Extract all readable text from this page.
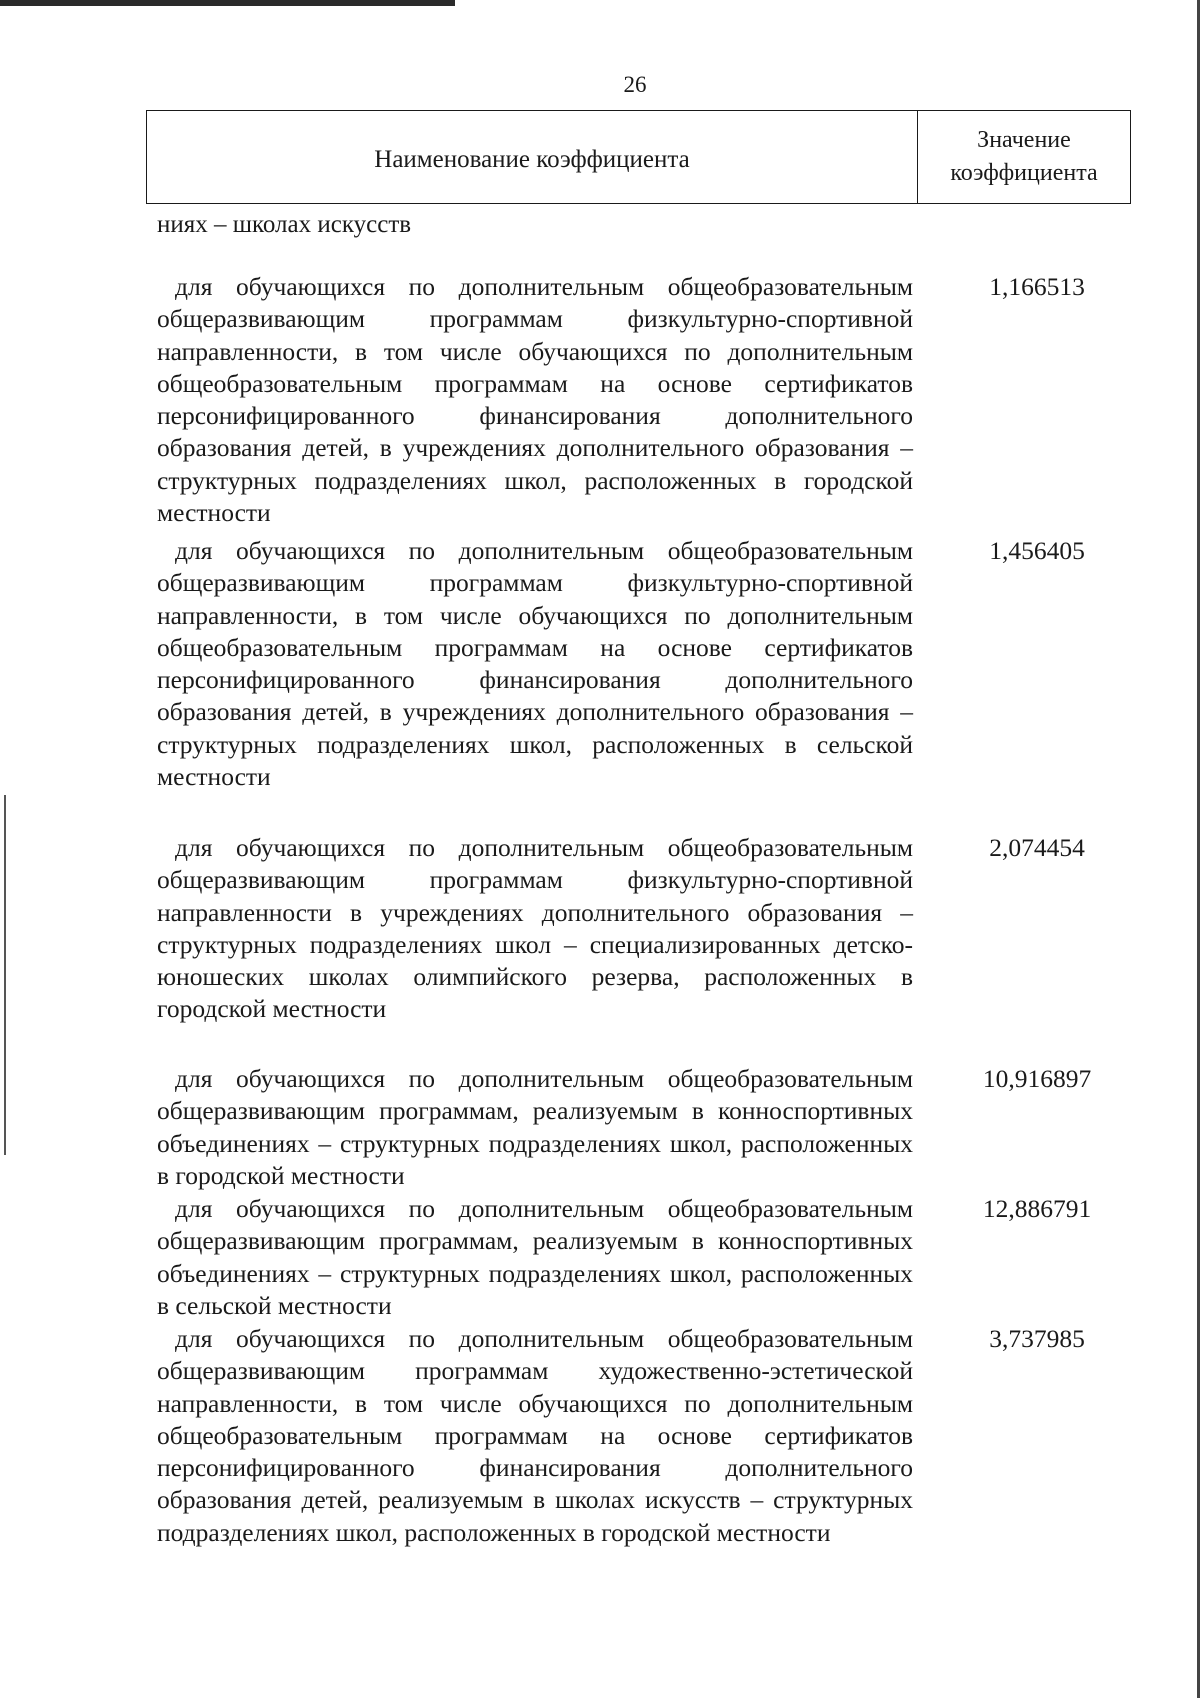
26
Наименование коэффициента
Значение
коэффициента
ниях – школах искусств
для обучающихся по дополнительным общеобразовательным общеразвивающим программам физкультурно-спортивной направленности, в том числе обучающихся по дополнительным общеобразовательным программам на основе сертификатов персонифицированного финансирования дополнительного образования детей, в учреждениях дополнительного образования – структурных подразделениях школ, расположенных в городской местности
1,166513
для обучающихся по дополнительным общеобразовательным общеразвивающим программам физкультурно-спортивной направленности, в том числе обучающихся по дополнительным общеобразовательным программам на основе сертификатов персонифицированного финансирования дополнительного образования детей, в учреждениях дополнительного образования – структурных подразделениях школ, расположенных в сельской местности
1,456405
для обучающихся по дополнительным общеобразовательным общеразвивающим программам физкультурно-спортивной направленности в учреждениях дополнительного образования – структурных подразделениях школ – специализированных детско-юношеских школах олимпийского резерва, расположенных в городской местности
2,074454
для обучающихся по дополнительным общеобразовательным общеразвивающим программам, реализуемым в конноспортивных объединениях – структурных подразделениях школ, расположенных в городской местности
10,916897
для обучающихся по дополнительным общеобразовательным общеразвивающим программам, реализуемым в конноспортивных объединениях – структурных подразделениях школ, расположенных в сельской местности
12,886791
для обучающихся по дополнительным общеобразовательным общеразвивающим программам художественно-эстетической направленности, в том числе обучающихся по дополнительным общеобразовательным программам на основе сертификатов персонифицированного финансирования дополнительного образования детей, реализуемым в школах искусств – структурных подразделениях школ, расположенных в городской местности
3,737985
